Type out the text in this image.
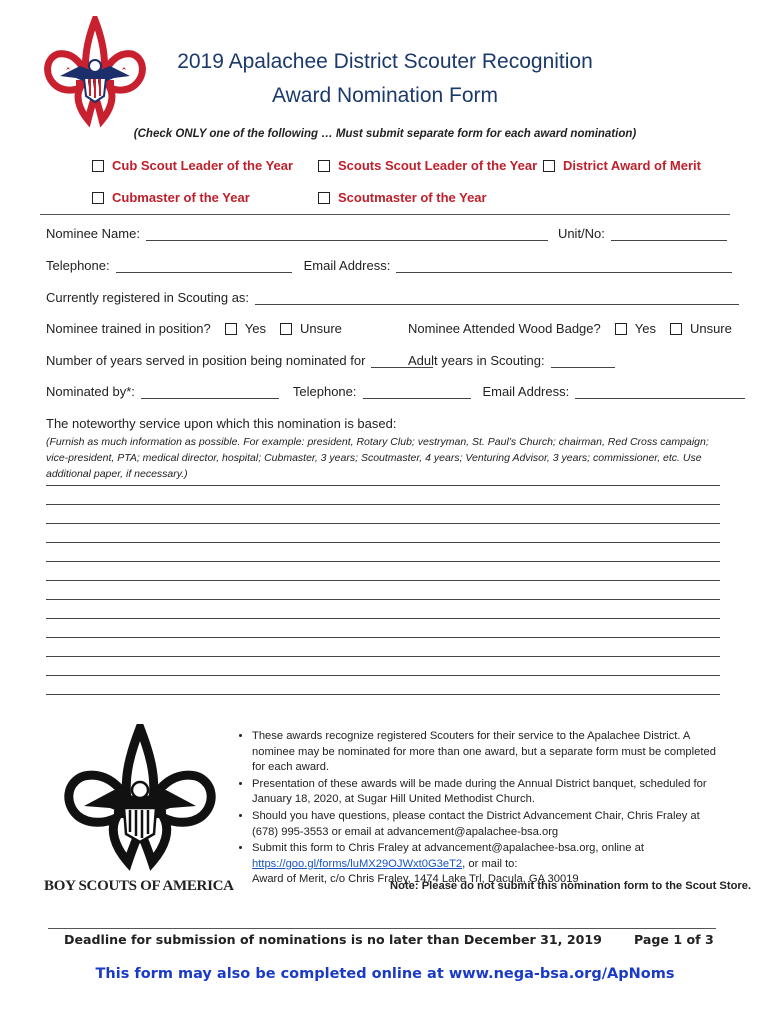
2019 Apalachee District Scouter Recognition
Award Nomination Form
(Check ONLY one of the following … Must submit separate form for each award nomination)
Cub Scout Leader of the Year	Scouts Scout Leader of the Year District Award of Merit
Cubmaster of the Year	Scoutmaster of the Year
Nominee Name:	Unit/No:
Telephone:	Email Address:
Currently registered in Scouting as:
Nominee trained in position?	Yes	Unsure	Nominee Attended Wood Badge?	Yes	Unsure
Number of years served in position being nominated for	Adult years in Scouting:
Nominated by*:	Telephone:	Email Address:
The noteworthy service upon which this nomination is based:
(Furnish as much information as possible. For example: president, Rotary Club; vestryman, St. Paul’s Church; chairman, Red Cross campaign; vice-president, PTA; medical director, hospital; Cubmaster, 3 years; Scoutmaster, 4 years; Venturing Advisor, 3 years; commissioner, etc. Use additional paper, if necessary.)
BOY SCOUTS OF AMERICA
• These awards recognize registered Scouters for their service to the Apalachee District. A nominee may be nominated for more than one award, but a separate form must be completed for each award.
• Presentation of these awards will be made during the Annual District banquet, scheduled for January 18, 2020, at Sugar Hill United Methodist Church.
• Should you have questions, please contact the District Advancement Chair, Chris Fraley at (678) 995-3553 or email at advancement@apalachee-bsa.org
• Submit this form to Chris Fraley at advancement@apalachee-bsa.org, online at
https://goo.gl/forms/luMX29OJWxt0G3eT2, or mail to:
Award of Merit, c/o Chris Fraley, 1474 Lake Trl, Dacula, GA 30019
Note: Please do not submit this nomination form to the Scout Store.
Deadline for submission of nominations is no later than December 31, 2019	Page 1 of 3
This form may also be completed online at www.nega-bsa.org/ApNoms
